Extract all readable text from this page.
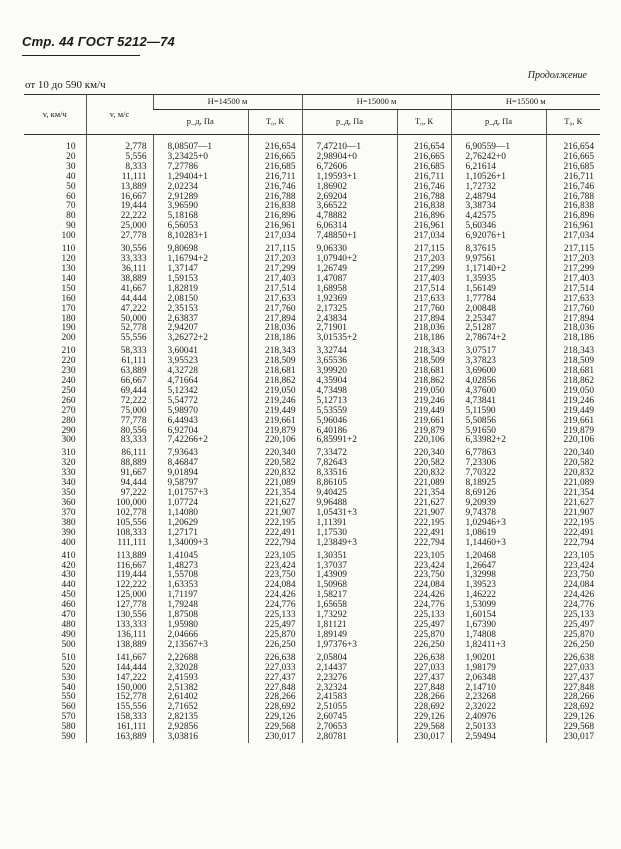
Стр. 44 ГОСТ 5212—74
Продолжение
от 10 до 590 км/ч
v, км/ч	v, м/с	H=14500 м		H=15000 м		H=15500 м	
		p_д, Па	Т₀, К	p_д, Па	Т₀, К	p_д, Па	Т₀, К
10	2,778	8,08507—1	216,654	7,47210—1	216,654	6,90559—1	216,654
20	5,556	3,23425+0	216,665	2,98904+0	216,665	2,76242+0	216,665
30	8,333	7,27786	216,685	6,72606	216,685	6,21614	216,685
40	11,111	1,29404+1	216,711	1,19593+1	216,711	1,10526+1	216,711
50	13,889	2,02234	216,746	1,86902	216,746	1,72732	216,746
60	16,667	2,91289	216,788	2,69204	216,788	2,48794	216,788
70	19,444	3,96590	216,838	3,66522	216,838	3,38734	216,838
80	22,222	5,18168	216,896	4,78882	216,896	4,42575	216,896
90	25,000	6,56053	216,961	6,06314	216,961	5,60346	216,961
100	27,778	8,10283+1	217,034	7,48850+1	217,034	6,92076+1	217,034
110	30,556	9,80698	217,115	9,06330	217,115	8,37615	217,115
120	33,333	1,16794+2	217,203	1,07940+2	217,203	9,97561	217,203
130	36,111	1,37147	217,299	1,26749	217,299	1,17140+2	217,299
140	38,889	1,59153	217,403	1,47087	217,403	1,35935	217,403
150	41,667	1,82819	217,514	1,68958	217,514	1,56149	217,514
160	44,444	2,08150	217,633	1,92369	217,633	1,77784	217,633
170	47,222	2,35153	217,760	2,17325	217,760	2,00848	217,760
180	50,000	2,63837	217,894	2,43834	217,894	2,25347	217,894
190	52,778	2,94207	218,036	2,71901	218,036	2,51287	218,036
200	55,556	3,26272+2	218,186	3,01535+2	218,186	2,78674+2	218,186
210	58,333	3,60041	218,343	3,32744	218,343	3,07517	218,343
220	61,111	3,95523	218,509	3,65536	218,509	3,37823	218,509
230	63,889	4,32728	218,681	3,99920	218,681	3,69600	218,681
240	66,667	4,71664	218,862	4,35904	218,862	4,02856	218,862
250	69,444	5,12342	219,050	4,73498	219,050	4,37600	219,050
260	72,222	5,54772	219,246	5,12713	219,246	4,73841	219,246
270	75,000	5,98970	219,449	5,53559	219,449	5,11590	219,449
280	77,778	6,44943	219,661	5,96046	219,661	5,50856	219,661
290	80,556	6,92704	219,879	6,40186	219,879	5,91650	219,879
300	83,333	7,42266+2	220,106	6,85991+2	220,106	6,33982+2	220,106
310	86,111	7,93643	220,340	7,33472	220,340	6,77863	220,340
320	88,889	8,46847	220,582	7,82643	220,582	7,23306	220,582
330	91,667	9,01894	220,832	8,33516	220,832	7,70322	220,832
340	94,444	9,58797	221,089	8,86105	221,089	8,18925	221,089
350	97,222	1,01757+3	221,354	9,40425	221,354	8,69126	221,354
360	100,000	1,07724	221,627	9,96488	221,627	9,20939	221,627
370	102,778	1,14080	221,907	1,05431+3	221,907	9,74378	221,907
380	105,556	1,20629	222,195	1,11391	222,195	1,02946+3	222,195
390	108,333	1,27171	222,491	1,17530	222,491	1,08619	222,491
400	111,111	1,34009+3	222,794	1,23849+3	222,794	1,14460+3	222,794
410	113,889	1,41045	223,105	1,30351	223,105	1,20468	223,105
420	116,667	1,48273	223,424	1,37037	223,424	1,26647	223,424
430	119,444	1,55708	223,750	1,43909	223,750	1,32998	223,750
440	122,222	1,63353	224,084	1,50968	224,084	1,39523	224,084
450	125,000	1,71197	224,426	1,58217	224,426	1,46222	224,426
460	127,778	1,79248	224,776	1,65658	224,776	1,53099	224,776
470	130,556	1,87508	225,133	1,73292	225,133	1,60154	225,133
480	133,333	1,95980	225,497	1,81121	225,497	1,67390	225,497
490	136,111	2,04666	225,870	1,89149	225,870	1,74808	225,870
500	138,889	2,13567+3	226,250	1,97376+3	226,250	1,82411+3	226,250
510	141,667	2,22688	226,638	2,05804	226,638	1,90201	226,638
520	144,444	2,32028	227,033	2,14437	227,033	1,98179	227,033
530	147,222	2,41593	227,437	2,23276	227,437	2,06348	227,437
540	150,000	2,51382	227,848	2,32324	227,848	2,14710	227,848
550	152,778	2,61402	228,266	2,41583	228,266	2,23268	228,266
560	155,556	2,71652	228,692	2,51055	228,692	2,32022	228,692
570	158,333	2,82135	229,126	2,60745	229,126	2,40976	229,126
580	161,111	2,92856	229,568	2,70653	229,568	2,50133	229,568
590	163,889	3,03816	230,017	2,80781	230,017	2,59494	230,017
